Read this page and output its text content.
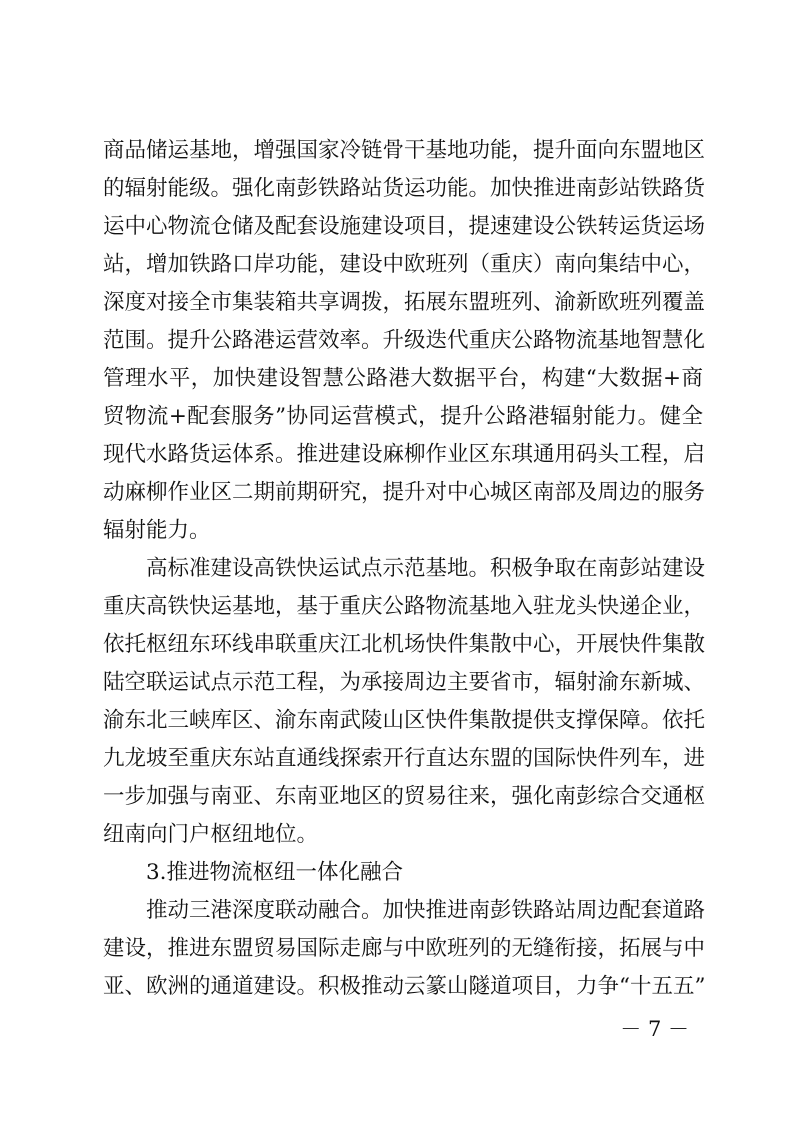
商品储运基地，增强国家冷链骨干基地功能，提升面向东盟地区
的辐射能级。强化南彭铁路站货运功能。加快推进南彭站铁路货
运中心物流仓储及配套设施建设项目，提速建设公铁转运货运场
站，增加铁路口岸功能，建设中欧班列（重庆）南向集结中心，
深度对接全市集装箱共享调拨，拓展东盟班列、渝新欧班列覆盖
范围。提升公路港运营效率。升级迭代重庆公路物流基地智慧化
管理水平，加快建设智慧公路港大数据平台，构建“大数据+商
贸物流+配套服务”协同运营模式，提升公路港辐射能力。健全
现代水路货运体系。推进建设麻柳作业区东琪通用码头工程，启
动麻柳作业区二期前期研究，提升对中心城区南部及周边的服务
辐射能力。
高标准建设高铁快运试点示范基地。积极争取在南彭站建设
重庆高铁快运基地，基于重庆公路物流基地入驻龙头快递企业，
依托枢纽东环线串联重庆江北机场快件集散中心，开展快件集散
陆空联运试点示范工程，为承接周边主要省市，辐射渝东新城、
渝东北三峡库区、渝东南武陵山区快件集散提供支撑保障。依托
九龙坡至重庆东站直通线探索开行直达东盟的国际快件列车，进
一步加强与南亚、东南亚地区的贸易往来，强化南彭综合交通枢
纽南向门户枢纽地位。
3.推进物流枢纽一体化融合
推动三港深度联动融合。加快推进南彭铁路站周边配套道路
建设，推进东盟贸易国际走廊与中欧班列的无缝衔接，拓展与中
亚、欧洲的通道建设。积极推动云篆山隧道项目，力争“十五五”
－ 7 －
